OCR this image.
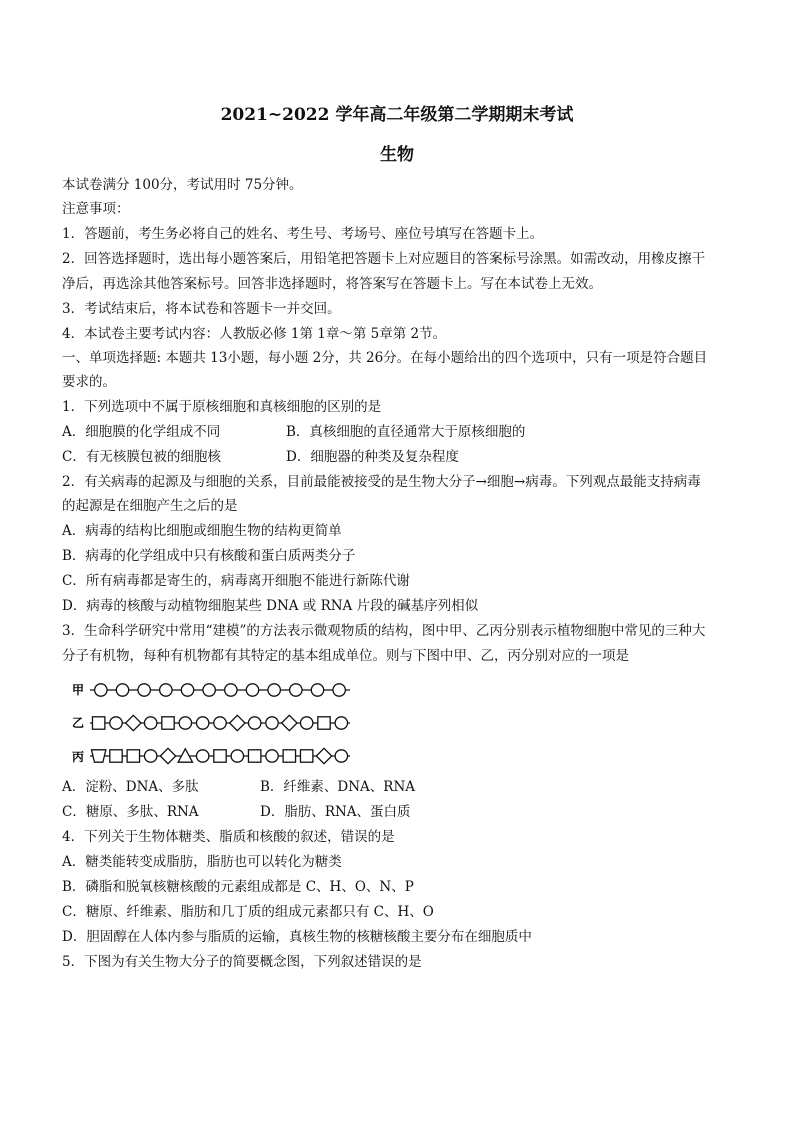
2021~2022 学年高二年级第二学期期末考试
生物
本试卷满分 100分，考试用时 75分钟。
注意事项：
1．答题前，考生务必将自己的姓名、考生号、考场号、座位号填写在答题卡上。
2．回答选择题时，选出每小题答案后，用铅笔把答题卡上对应题目的答案标号涂黑。如需改动，用橡皮擦干
净后，再选涂其他答案标号。回答非选择题时，将答案写在答题卡上。写在本试卷上无效。
3．考试结束后，将本试卷和答题卡一并交回。
4．本试卷主要考试内容：人教版必修 1第 1章～第 5章第 2节。
一、单项选择题: 本题共 13小题，每小题 2分，共 26分。在每小题给出的四个选项中，只有一项是符合题目
要求的。
1．下列选项中不属于原核细胞和真核细胞的区别的是
A．细胞膜的化学组成不同	B．真核细胞的直径通常大于原核细胞的
C．有无核膜包被的细胞核	D．细胞器的种类及复杂程度
2．有关病毒的起源及与细胞的关系，目前最能被接受的是生物大分子→细胞→病毒。下列观点最能支持病毒
的起源是在细胞产生之后的是
A．病毒的结构比细胞或细胞生物的结构更简单
B．病毒的化学组成中只有核酸和蛋白质两类分子
C．所有病毒都是寄生的，病毒离开细胞不能进行新陈代谢
D．病毒的核酸与动植物细胞某些 DNA 或 RNA 片段的碱基序列相似
3．生命科学研究中常用“建模”的方法表示微观物质的结构，图中甲、乙丙分别表示植物细胞中常见的三种大
分子有机物，每种有机物都有其特定的基本组成单位。则与下图中甲、乙，丙分别对应的一项是
甲
乙
丙
A．淀粉、DNA、多肽	B．纤维素、DNA、RNA
C．糖原、多肽、RNA	D．脂肪、RNA、蛋白质
4．下列关于生物体糖类、脂质和核酸的叙述，错误的是
A．糖类能转变成脂肪，脂肪也可以转化为糖类
B．磷脂和脱氧核糖核酸的元素组成都是 C、H、O、N、P
C．糖原、纤维素、脂肪和几丁质的组成元素都只有 C、H、O
D．胆固醇在人体内参与脂质的运输，真核生物的核糖核酸主要分布在细胞质中
5．下图为有关生物大分子的简要概念图，下列叙述错误的是
